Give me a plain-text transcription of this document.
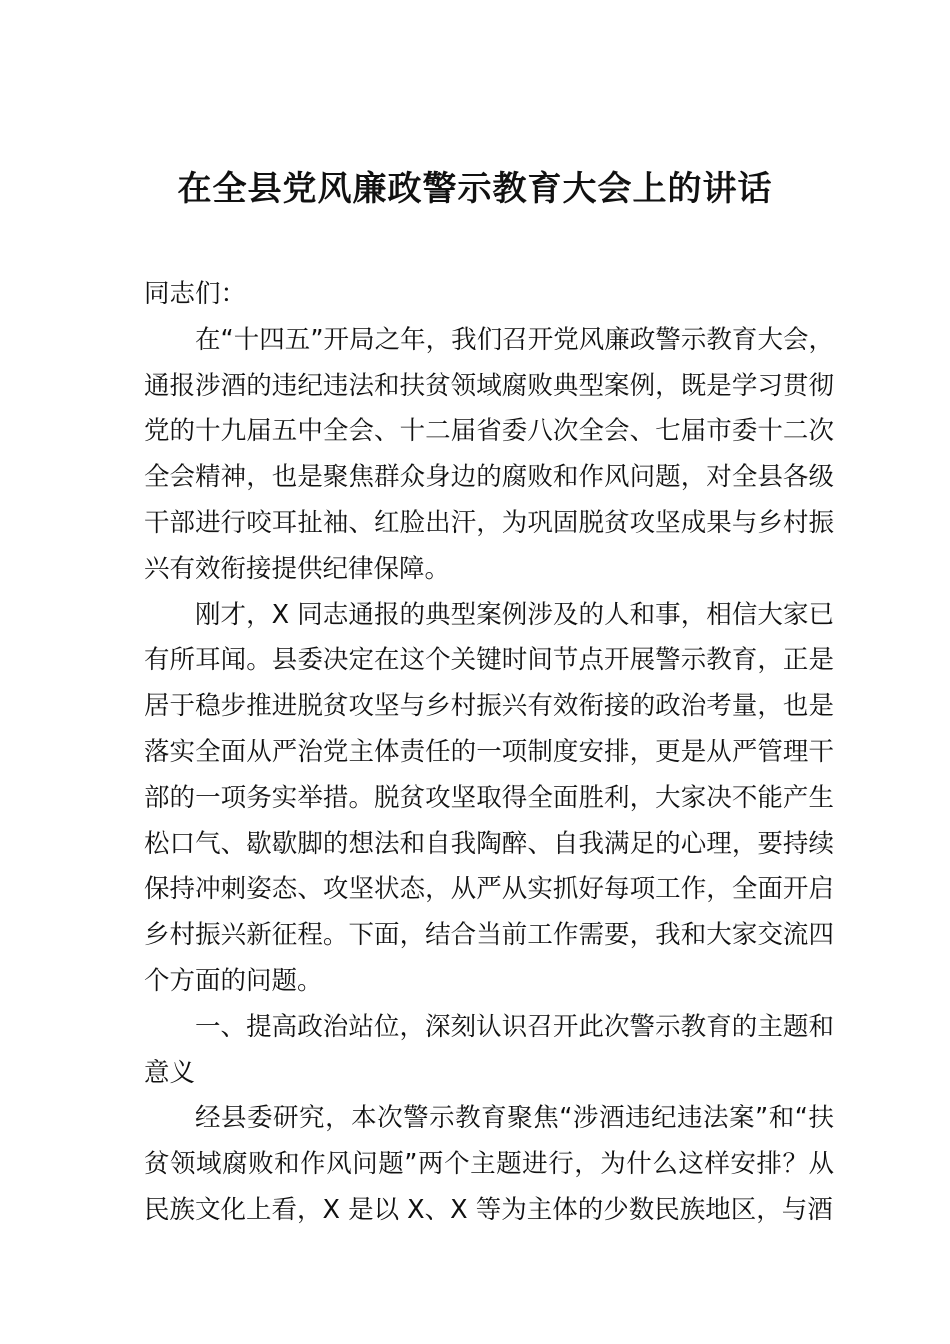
在全县党风廉政警示教育大会上的讲话

同志们：

在“十四五”开局之年，我们召开党风廉政警示教育大会，通报涉酒的违纪违法和扶贫领域腐败典型案例，既是学习贯彻党的十九届五中全会、十二届省委八次全会、七届市委十二次全会精神，也是聚焦群众身边的腐败和作风问题，对全县各级干部进行咬耳扯袖、红脸出汗，为巩固脱贫攻坚成果与乡村振兴有效衔接提供纪律保障。

刚才，X 同志通报的典型案例涉及的人和事，相信大家已有所耳闻。县委决定在这个关键时间节点开展警示教育，正是居于稳步推进脱贫攻坚与乡村振兴有效衔接的政治考量，也是落实全面从严治党主体责任的一项制度安排，更是从严管理干部的一项务实举措。脱贫攻坚取得全面胜利，大家决不能产生松口气、歇歇脚的想法和自我陶醉、自我满足的心理，要持续保持冲刺姿态、攻坚状态，从严从实抓好每项工作，全面开启乡村振兴新征程。下面，结合当前工作需要，我和大家交流四个方面的问题。

一、提高政治站位，深刻认识召开此次警示教育的主题和意义

经县委研究，本次警示教育聚焦“涉酒违纪违法案”和“扶贫领域腐败和作风问题”两个主题进行，为什么这样安排？从民族文化上看，X 是以 X、X 等为主体的少数民族地区，与酒
